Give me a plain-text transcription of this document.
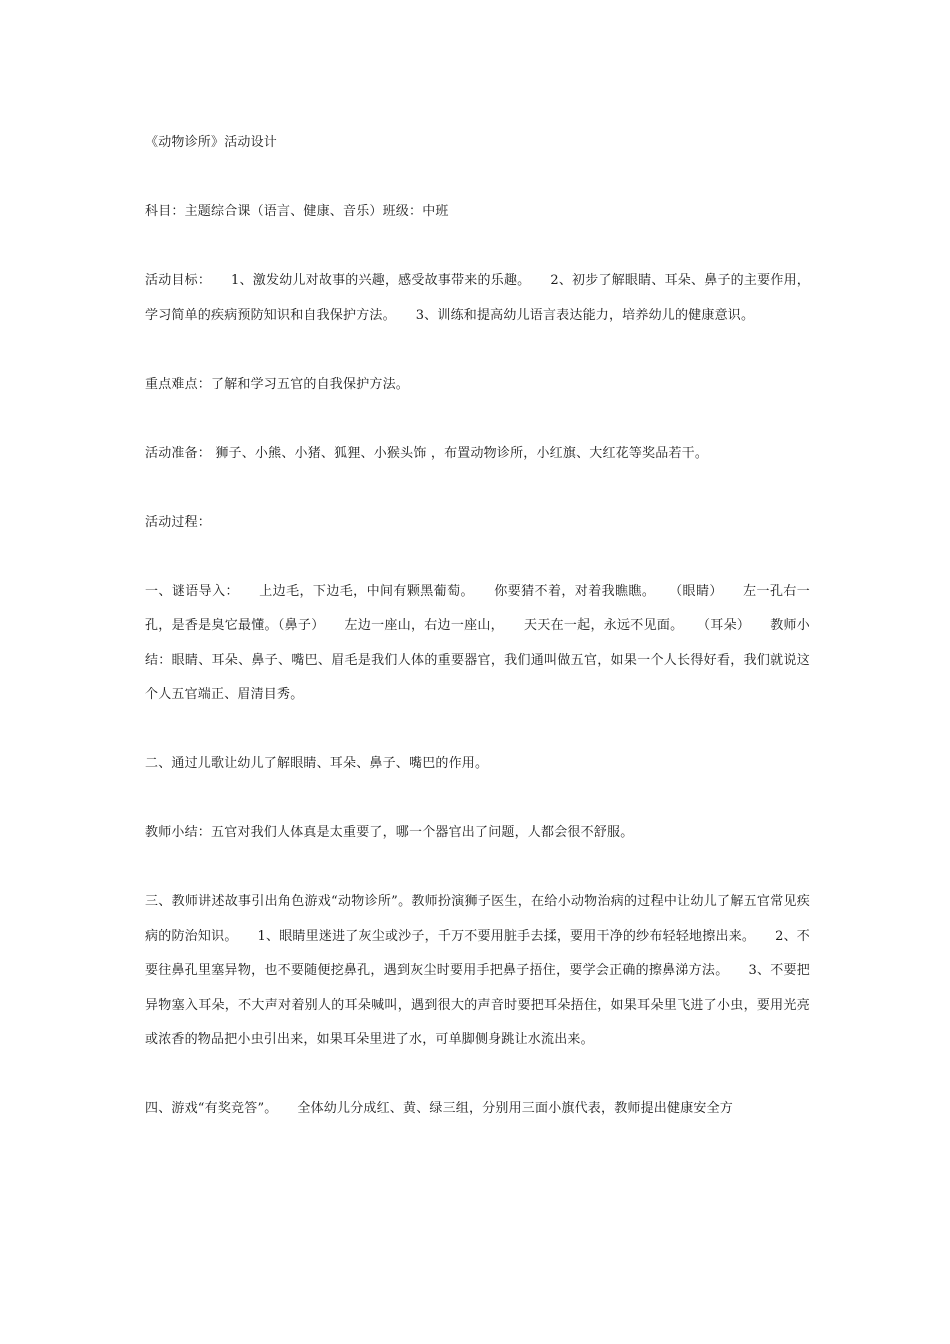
《动物诊所》活动设计

科目：主题综合课（语言、健康、音乐）班级：中班

活动目标：　　1、激发幼儿对故事的兴趣，感受故事带来的乐趣。　　2、初步了解眼睛、耳朵、鼻子的主要作用，学习简单的疾病预防知识和自我保护方法。　　3、训练和提高幼儿语言表达能力，培养幼儿的健康意识。

重点难点：了解和学习五官的自我保护方法。

活动准备： 狮子、小熊、小猪、狐狸、小猴头饰 ，布置动物诊所，小红旗、大红花等奖品若干。

活动过程：

一、谜语导入：　　上边毛，下边毛，中间有颗黑葡萄。　　你要猜不着，对着我瞧瞧。　　（眼睛）　　左一孔右一孔，是香是臭它最懂。（鼻子）　　左边一座山，右边一座山，　　天天在一起，永远不见面。　　（耳朵）　　教师小结：眼睛、耳朵、鼻子、嘴巴、眉毛是我们人体的重要器官，我们通叫做五官，如果一个人长得好看，我们就说这个人五官端正、眉清目秀。

二、通过儿歌让幼儿了解眼睛、耳朵、鼻子、嘴巴的作用。

教师小结：五官对我们人体真是太重要了，哪一个器官出了问题，人都会很不舒服。

三、教师讲述故事引出角色游戏“动物诊所”。教师扮演狮子医生，在给小动物治病的过程中让幼儿了解五官常见疾病的防治知识。　　1、眼睛里迷进了灰尘或沙子，千万不要用脏手去揉，要用干净的纱布轻轻地擦出来。　　2、不要往鼻孔里塞异物，也不要随便挖鼻孔，遇到灰尘时要用手把鼻子捂住，要学会正确的擦鼻涕方法。　　3、不要把异物塞入耳朵，不大声对着别人的耳朵喊叫，遇到很大的声音时要把耳朵捂住，如果耳朵里飞进了小虫，要用光亮或浓香的物品把小虫引出来，如果耳朵里进了水，可单脚侧身跳让水流出来。

四、游戏“有奖竞答”。　　全体幼儿分成红、黄、绿三组，分别用三面小旗代表，教师提出健康安全方
